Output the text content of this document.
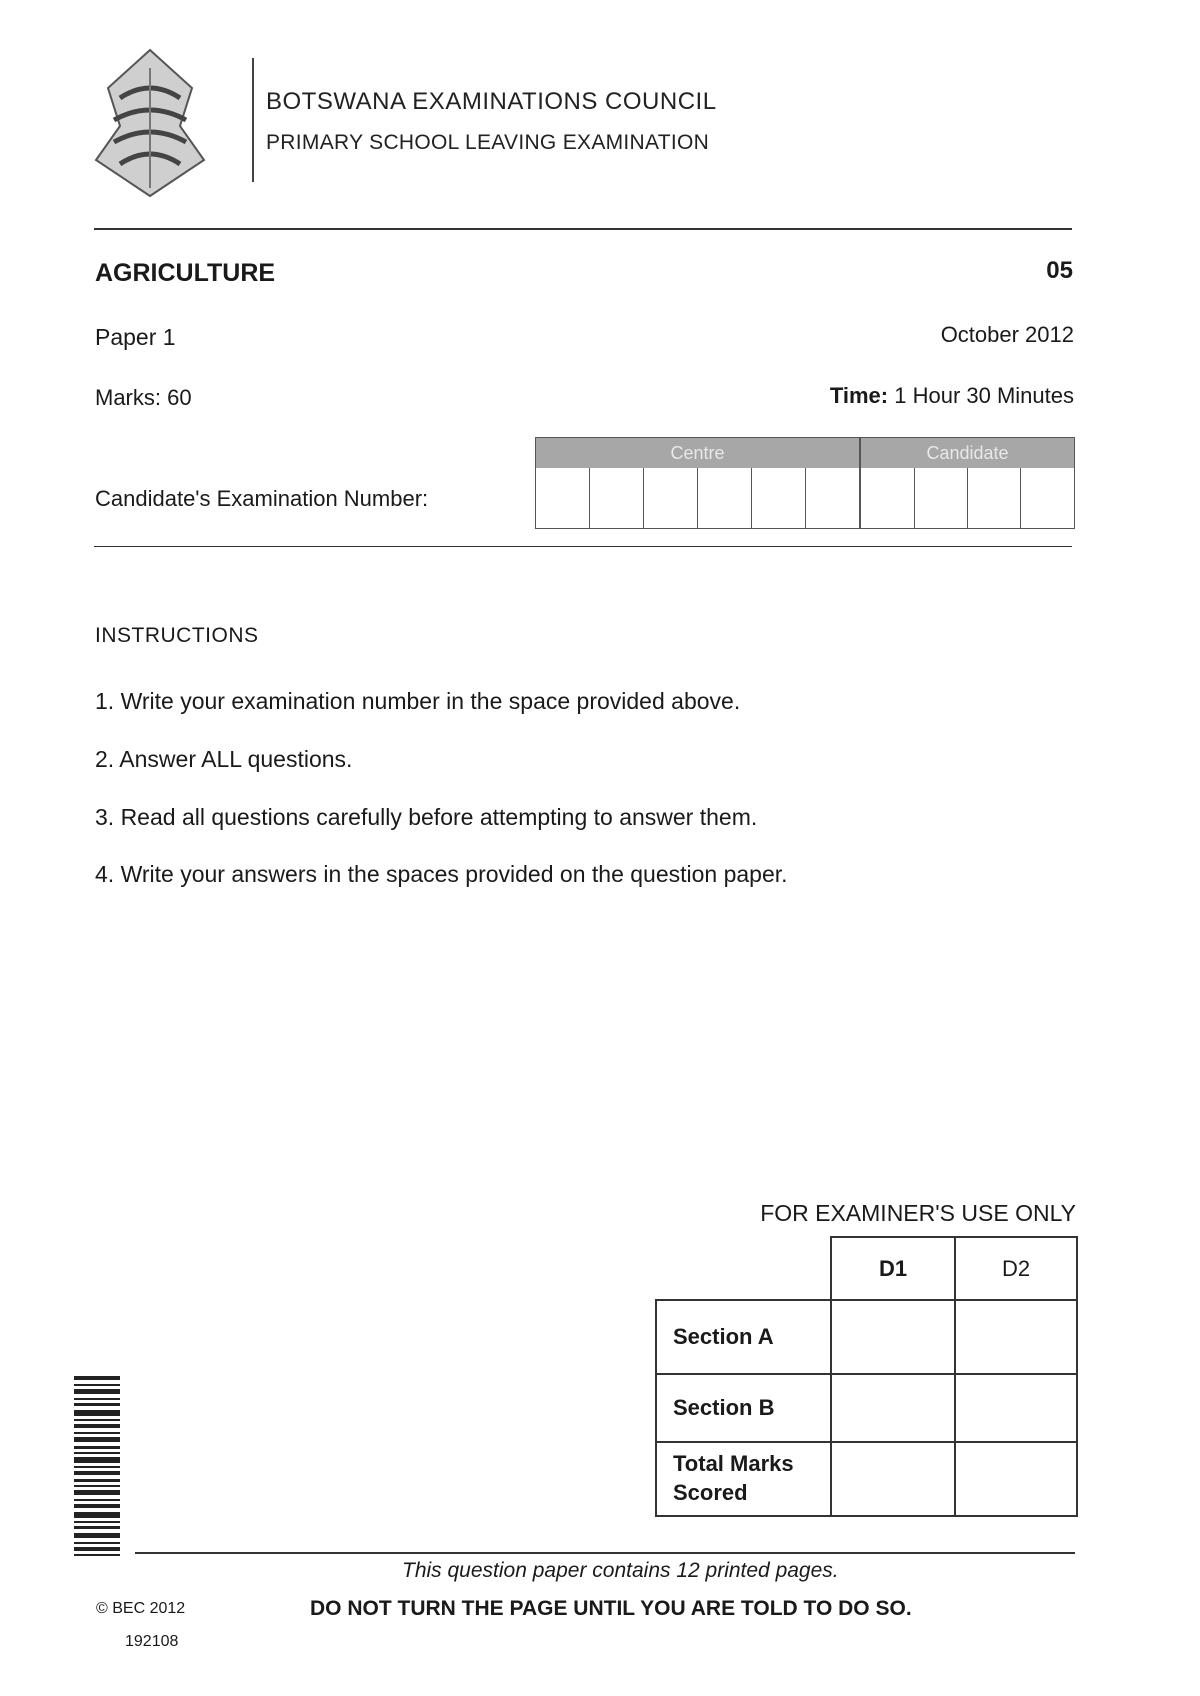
BOTSWANA EXAMINATIONS COUNCIL
PRIMARY SCHOOL LEAVING EXAMINATION
AGRICULTURE	05
Paper 1	October 2012
Marks: 60	Time: 1 Hour 30 Minutes
Candidate's Examination Number:
Centre	Candidate
INSTRUCTIONS
1. Write your examination number in the space provided above.
2. Answer ALL questions.
3. Read all questions carefully before attempting to answer them.
4. Write your answers in the spaces provided on the question paper.
FOR EXAMINER'S USE ONLY
	D1	D2
Section A		
Section B		
Total Marks Scored		
This question paper contains 12 printed pages.
DO NOT TURN THE PAGE UNTIL YOU ARE TOLD TO DO SO.
© BEC 2012
192108
